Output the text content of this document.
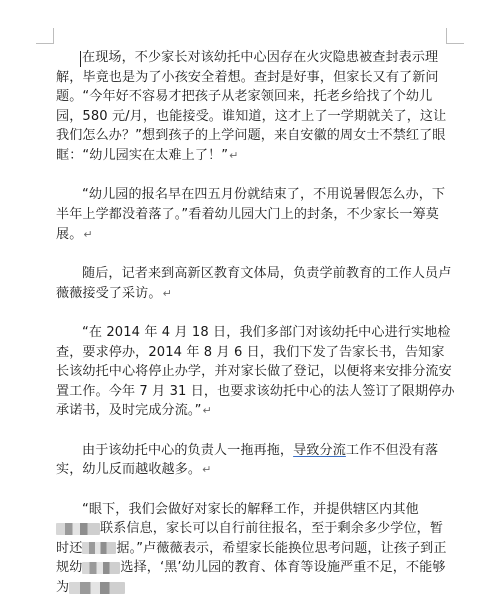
在现场，不少家长对该幼托中心因存在火灾隐患被查封表示理解，毕竟也是为了小孩安全着想。查封是好事，但家长又有了新问题。“今年好不容易才把孩子从老家领回来，托老乡给找了个幼儿园，580 元/月，也能接受。谁知道，这才上了一学期就关了，这让我们怎么办？”想到孩子的上学问题，来自安徽的周女士不禁红了眼眶：“幼儿园实在太难上了！”↵

“幼儿园的报名早在四五月份就结束了，不用说暑假怎么办，下半年上学都没着落了。”看着幼儿园大门上的封条，不少家长一筹莫展。↵

随后，记者来到高新区教育文体局，负责学前教育的工作人员卢薇薇接受了采访。↵

“在 2014 年 4 月 18 日，我们多部门对该幼托中心进行实地检查，要求停办，2014 年 8 月 6 日，我们下发了告家长书，告知家长该幼托中心将停止办学，并对家长做了登记，以便将来安排分流安置工作。今年 7 月 31 日，也要求该幼托中心的法人签订了限期停办承诺书，及时完成分流。”↵

由于该幼托中心的负责人一拖再拖，导致分流工作不但没有落实，幼儿反而越收越多。↵

“眼下，我们会做好对家长的解释工作，并提供辖区内其他联系信息，家长可以自行前往报名，至于剩余多少学位，暂时还	据。”卢薇薇表示，希望家长能换位思考问题，让孩子到正规幼	选择，‘黑’幼儿园的教育、体育等设施严重不足，不能够为
